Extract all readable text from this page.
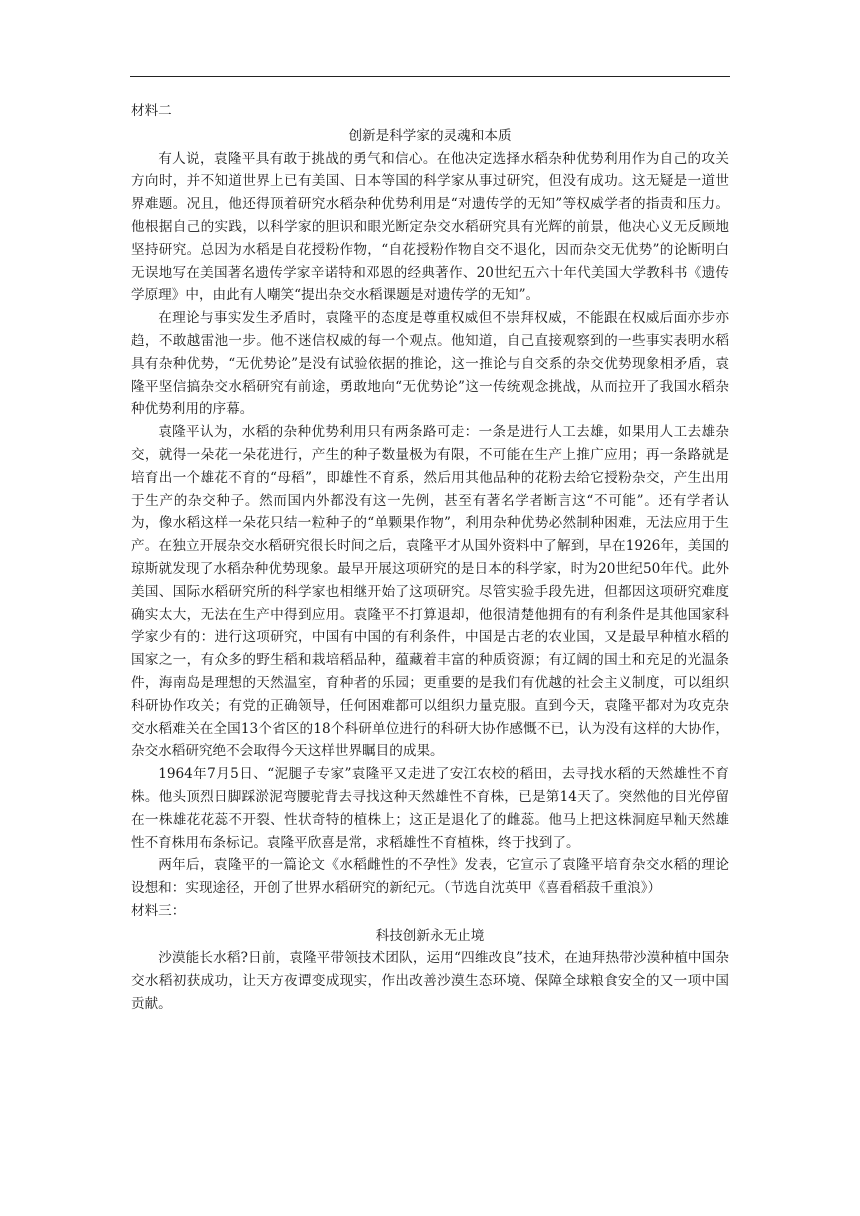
材料二

创新是科学家的灵魂和本质

有人说，袁隆平具有敢于挑战的勇气和信心。在他决定选择水稻杂种优势利用作为自己的攻关方向时，并不知道世界上已有美国、日本等国的科学家从事过研究，但没有成功。这无疑是一道世界难题。况且，他还得顶着研究水稻杂种优势利用是“对遗传学的无知”等权威学者的指责和压力。他根据自己的实践，以科学家的胆识和眼光断定杂交水稻研究具有光辉的前景，他决心义无反顾地坚持研究。总因为水稻是自花授粉作物，“自花授粉作物自交不退化，因而杂交无优势”的论断明白无误地写在美国著名遗传学家辛诺特和邓恩的经典著作、20世纪五六十年代美国大学教科书《遗传学原理》中，由此有人嘲笑“提出杂交水稻课题是对遗传学的无知”。

在理论与事实发生矛盾时，袁隆平的态度是尊重权威但不崇拜权威，不能跟在权威后面亦步亦趋，不敢越雷池一步。他不迷信权威的每一个观点。他知道，自己直接观察到的一些事实表明水稻具有杂种优势，“无优势论”是没有试验依据的推论，这一推论与自交系的杂交优势现象相矛盾，袁隆平坚信搞杂交水稻研究有前途，勇敢地向“无优势论”这一传统观念挑战，从而拉开了我国水稻杂种优势利用的序幕。

袁隆平认为，水稻的杂种优势利用只有两条路可走：一条是进行人工去雄，如果用人工去雄杂交，就得一朵花一朵花进行，产生的种子数量极为有限，不可能在生产上推广应用；再一条路就是培育出一个雄花不育的“母稻”，即雄性不育系，然后用其他品种的花粉去给它授粉杂交，产生出用于生产的杂交种子。然而国内外都没有这一先例，甚至有著名学者断言这“不可能”。还有学者认为，像水稻这样一朵花只结一粒种子的“单颗果作物”，利用杂种优势必然制种困难，无法应用于生产。在独立开展杂交水稻研究很长时间之后，袁隆平才从国外资料中了解到，早在1926年，美国的琼斯就发现了水稻杂种优势现象。最早开展这项研究的是日本的科学家，时为20世纪50年代。此外美国、国际水稻研究所的科学家也相继开始了这项研究。尽管实验手段先进，但都因这项研究难度确实太大，无法在生产中得到应用。袁隆平不打算退却，他很清楚他拥有的有利条件是其他国家科学家少有的：进行这项研究，中国有中国的有利条件，中国是古老的农业国，又是最早种植水稻的国家之一，有众多的野生稻和栽培稻品种，蕴藏着丰富的种质资源；有辽阔的国土和充足的光温条件，海南岛是理想的天然温室，育种者的乐园；更重要的是我们有优越的社会主义制度，可以组织科研协作攻关；有党的正确领导，任何困难都可以组织力量克服。直到今天，袁隆平都对为攻克杂交水稻难关在全国13个省区的18个科研单位进行的科研大协作感慨不已，认为没有这样的大协作，杂交水稻研究绝不会取得今天这样世界瞩目的成果。

1964年7月5日、“泥腿子专家”袁隆平又走进了安江农校的稻田，去寻找水稻的天然雄性不育株。他头顶烈日脚踩淤泥弯腰驼背去寻找这种天然雄性不育株，已是第14天了。突然他的目光停留在一株雄花花蕊不开裂、性状奇特的植株上；这正是退化了的雌蕊。他马上把这株洞庭早籼天然雄性不育株用布条标记。袁隆平欣喜是常，求稻雄性不育植株，终于找到了。

两年后，袁隆平的一篇论文《水稻雌性的不孕性》发表，它宣示了袁隆平培育杂交水稻的理论设想和：实现途径，开创了世界水稻研究的新纪元。（节选自沈英甲《喜看稻菽千重浪》）

材料三：

科技创新永无止境

沙漠能长水稻?日前，袁隆平带领技术团队，运用“四维改良”技术，在迪拜热带沙漠种植中国杂交水稻初获成功，让天方夜谭变成现实，作出改善沙漠生态环境、保障全球粮食安全的又一项中国贡献。
